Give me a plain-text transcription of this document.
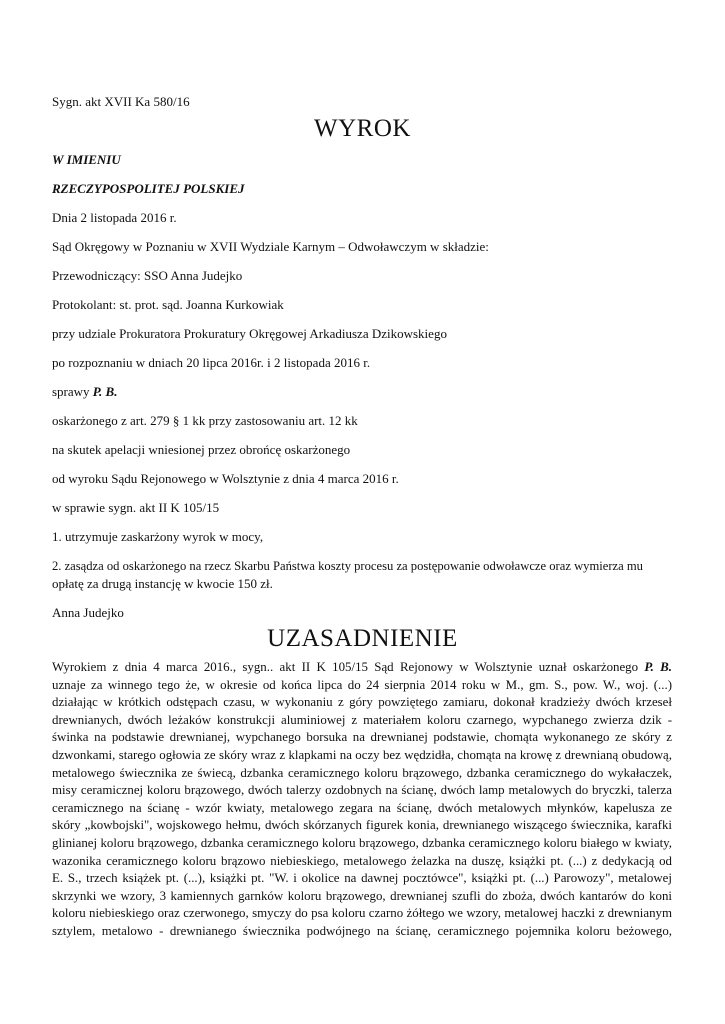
Sygn. akt XVII Ka 580/16
WYROK
W IMIENIU
RZECZYPOSPOLITEJ POLSKIEJ
Dnia 2 listopada 2016 r.
Sąd Okręgowy w Poznaniu w XVII Wydziale Karnym – Odwoławczym w składzie:
Przewodniczący: SSO Anna Judejko
Protokolant: st. prot. sąd. Joanna Kurkowiak
przy udziale Prokuratora Prokuratury Okręgowej Arkadiusza Dzikowskiego
po rozpoznaniu w dniach 20 lipca 2016r. i 2 listopada 2016 r.
sprawy P. B.
oskarżonego z art. 279 § 1 kk przy zastosowaniu art. 12 kk
na skutek apelacji wniesionej przez obrońcę oskarżonego
od wyroku Sądu Rejonowego w Wolsztynie z dnia 4 marca 2016 r.
w sprawie sygn. akt II K 105/15
1. utrzymuje zaskarżony wyrok w mocy,
2. zasądza od oskarżonego na rzecz Skarbu Państwa koszty procesu za postępowanie odwoławcze oraz wymierza mu
opłatę za drugą instancję w kwocie 150 zł.
Anna Judejko
UZASADNIENIE
Wyrokiem z dnia 4 marca 2016., sygn.. akt II K 105/15 Sąd Rejonowy w Wolsztynie uznał oskarżonego P. B.
uznaje za winnego tego że, w okresie od końca lipca do 24 sierpnia 2014 roku w M., gm. S., pow. W., woj. (...)
działając w krótkich odstępach czasu, w wykonaniu z góry powziętego zamiaru, dokonał kradzieży dwóch krzeseł
drewnianych, dwóch leżaków konstrukcji aluminiowej z materiałem koloru czarnego, wypchanego zwierza dzik -
świnka na podstawie drewnianej, wypchanego borsuka na drewnianej podstawie, chomąta wykonanego ze skóry z
dzwonkami, starego ogłowia ze skóry wraz z klapkami na oczy bez wędzidła, chomąta na krowę z drewnianą obudową,
metalowego świecznika ze świecą, dzbanka ceramicznego koloru brązowego, dzbanka ceramicznego do wykałaczek,
misy ceramicznej koloru brązowego, dwóch talerzy ozdobnych na ścianę, dwóch lamp metalowych do bryczki, talerza
ceramicznego na ścianę - wzór kwiaty, metalowego zegara na ścianę, dwóch metalowych młynków, kapelusza ze
skóry „kowbojski", wojskowego hełmu, dwóch skórzanych figurek konia, drewnianego wiszącego świecznika, karafki
glinianej koloru brązowego, dzbanka ceramicznego koloru brązowego, dzbanka ceramicznego koloru białego w kwiaty,
wazonika ceramicznego koloru brązowo niebieskiego, metalowego żelazka na duszę, książki pt. (...) z dedykacją od
E. S., trzech książek pt. (...), książki pt. "W. i okolice na dawnej pocztówce", książki pt. (...) Parowozy", metalowej
skrzynki we wzory, 3 kamiennych garnków koloru brązowego, drewnianej szufli do zboża, dwóch kantarów do koni
koloru niebieskiego oraz czerwonego, smyczy do psa koloru czarno żółtego we wzory, metalowej haczki z drewnianym
sztylem, metalowo - drewnianego świecznika podwójnego na ścianę, ceramicznego pojemnika koloru beżowego,
